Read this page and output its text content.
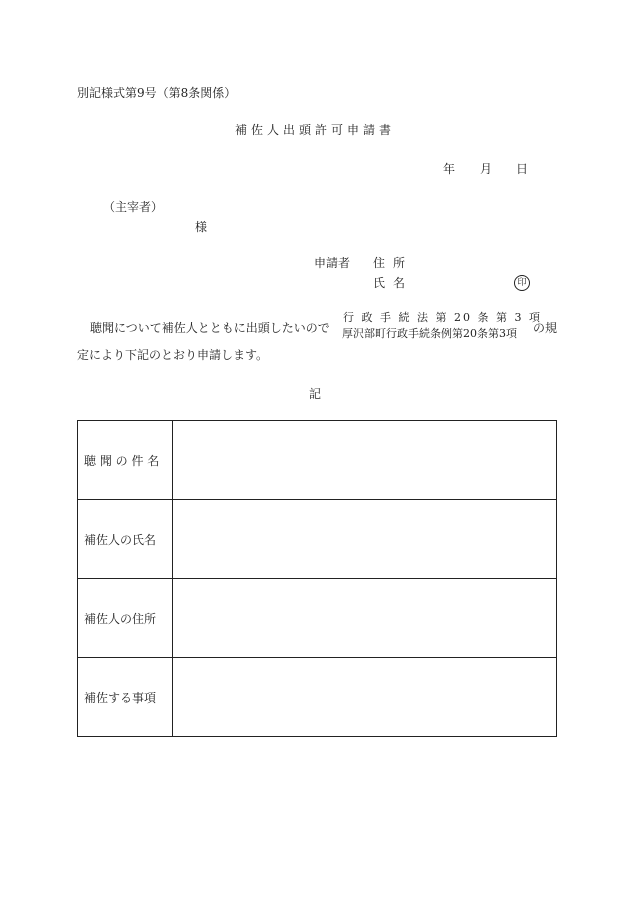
別記様式第9号（第8条関係）
補佐人出頭許可申請書
年 月 日
（主宰者）
様
申請者 住所
氏名	印
聴聞について補佐人とともに出頭したいので
行 政 手 続 法 第 20 条 第 3 項
厚沢部町行政手続条例第20条第3項 の規
定により下記のとおり申請します。
記
聴 聞 の 件 名	
補佐人の氏名	
補佐人の住所	
補佐する事項	
